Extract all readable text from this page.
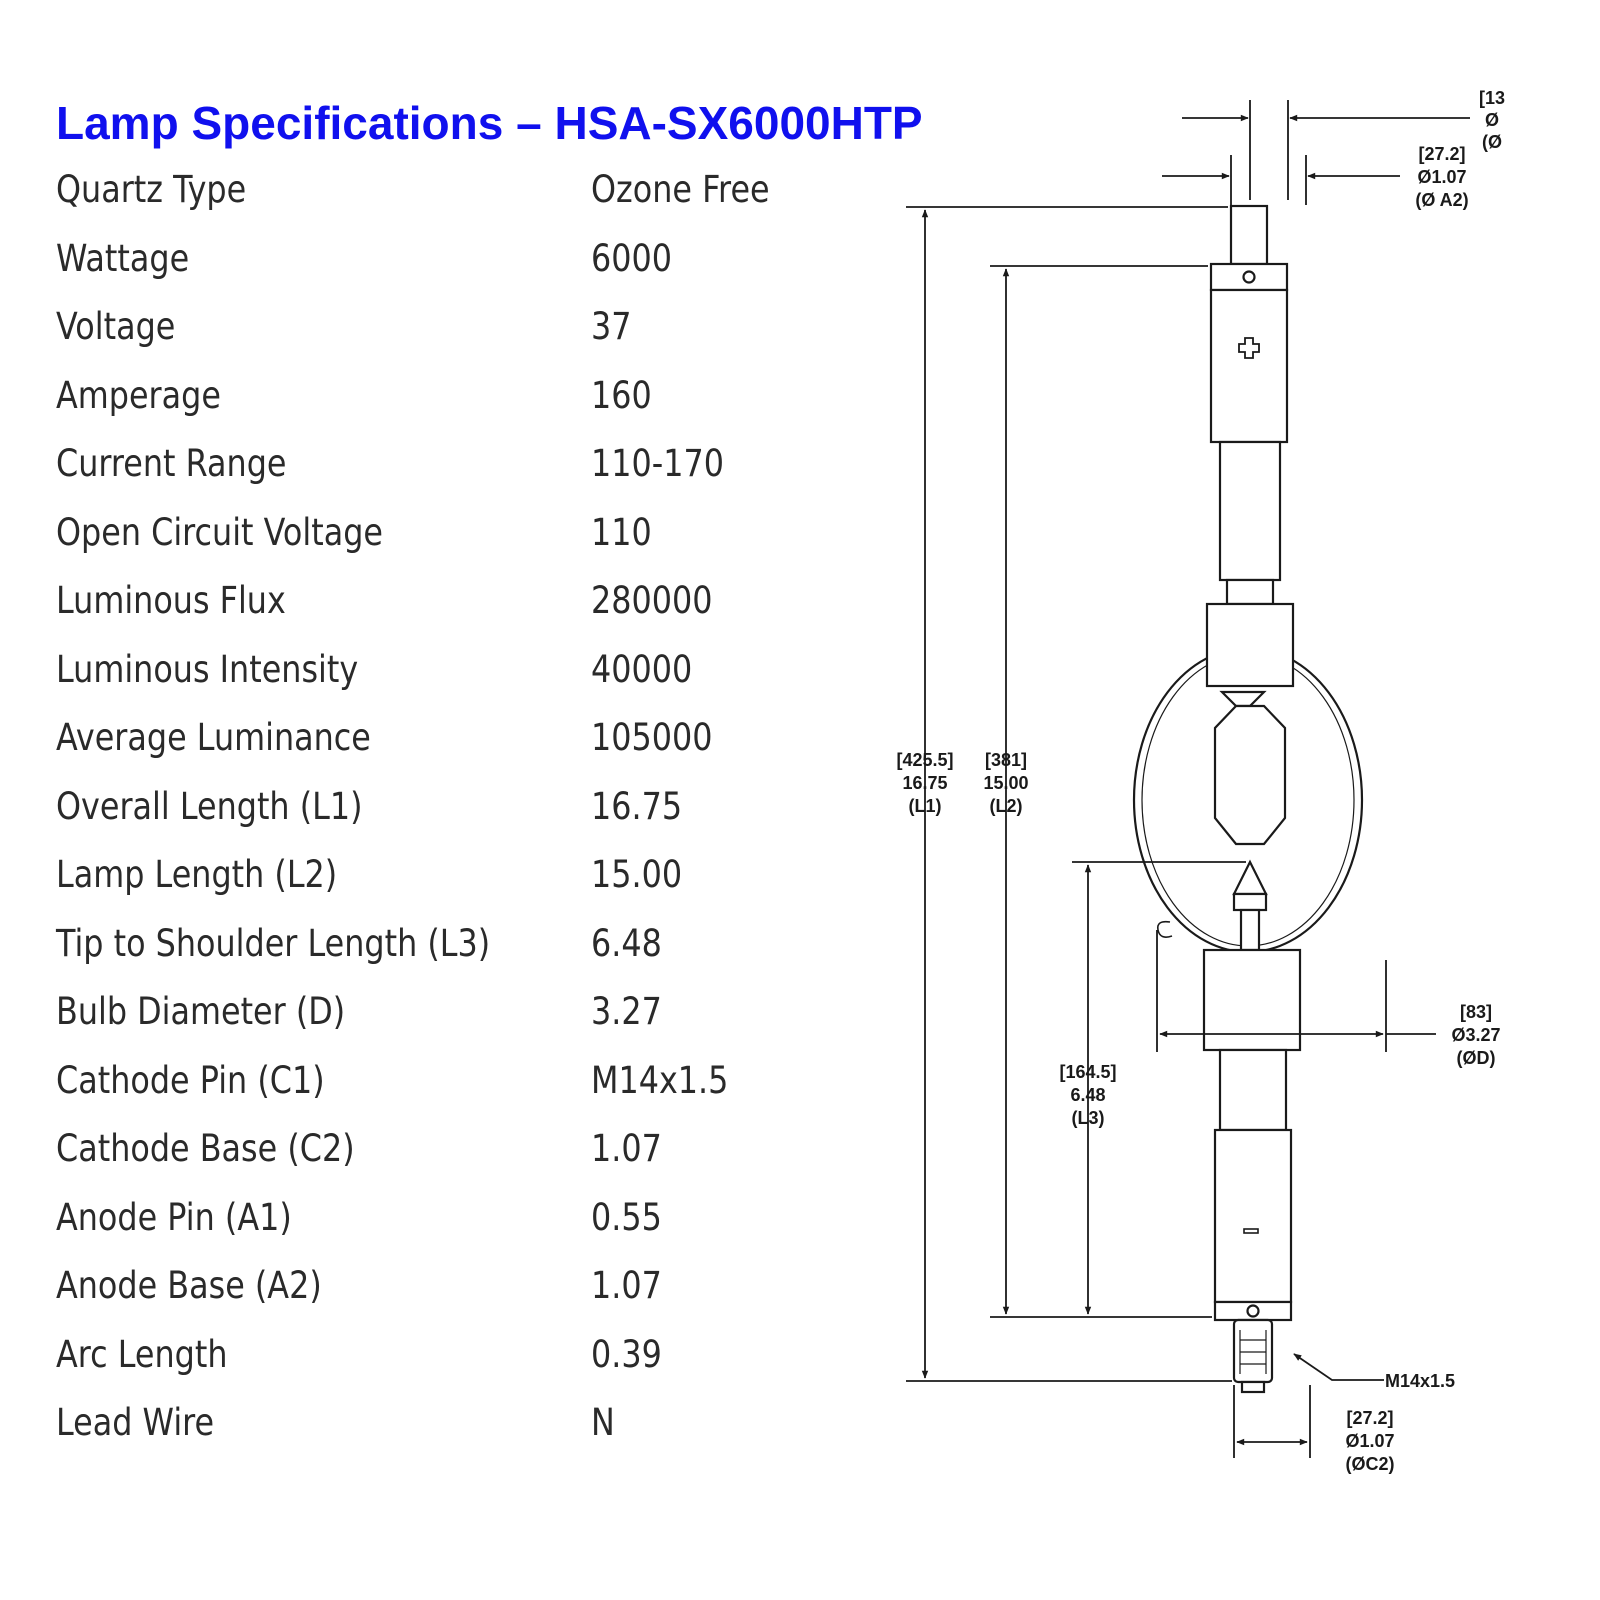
Lamp Specifications – HSA-SX6000HTP
Quartz Type	Ozone Free
Wattage	6000
Voltage	37
Amperage	160
Current Range	110-170
Open Circuit Voltage	110
Luminous Flux	280000
Luminous Intensity	40000
Average Luminance	105000
Overall Length (L1)	16.75
Lamp Length (L2)	15.00
Tip to Shoulder Length (L3)	6.48
Bulb Diameter (D)	3.27
Cathode Pin (C1)	M14x1.5
Cathode Base (C2)	1.07
Anode Pin (A1)	0.55
Anode Base (A2)	1.07
Arc Length	0.39
Lead Wire	N
[13
Ø
(Ø
[27.2]
Ø1.07
(Ø A2)
[425.5]
16.75
(L1)
[381]
15.00
(L2)
[164.5]
6.48
(L3)
[83]
Ø3.27
(ØD)
M14x1.5
[27.2]
Ø1.07
(ØC2)
